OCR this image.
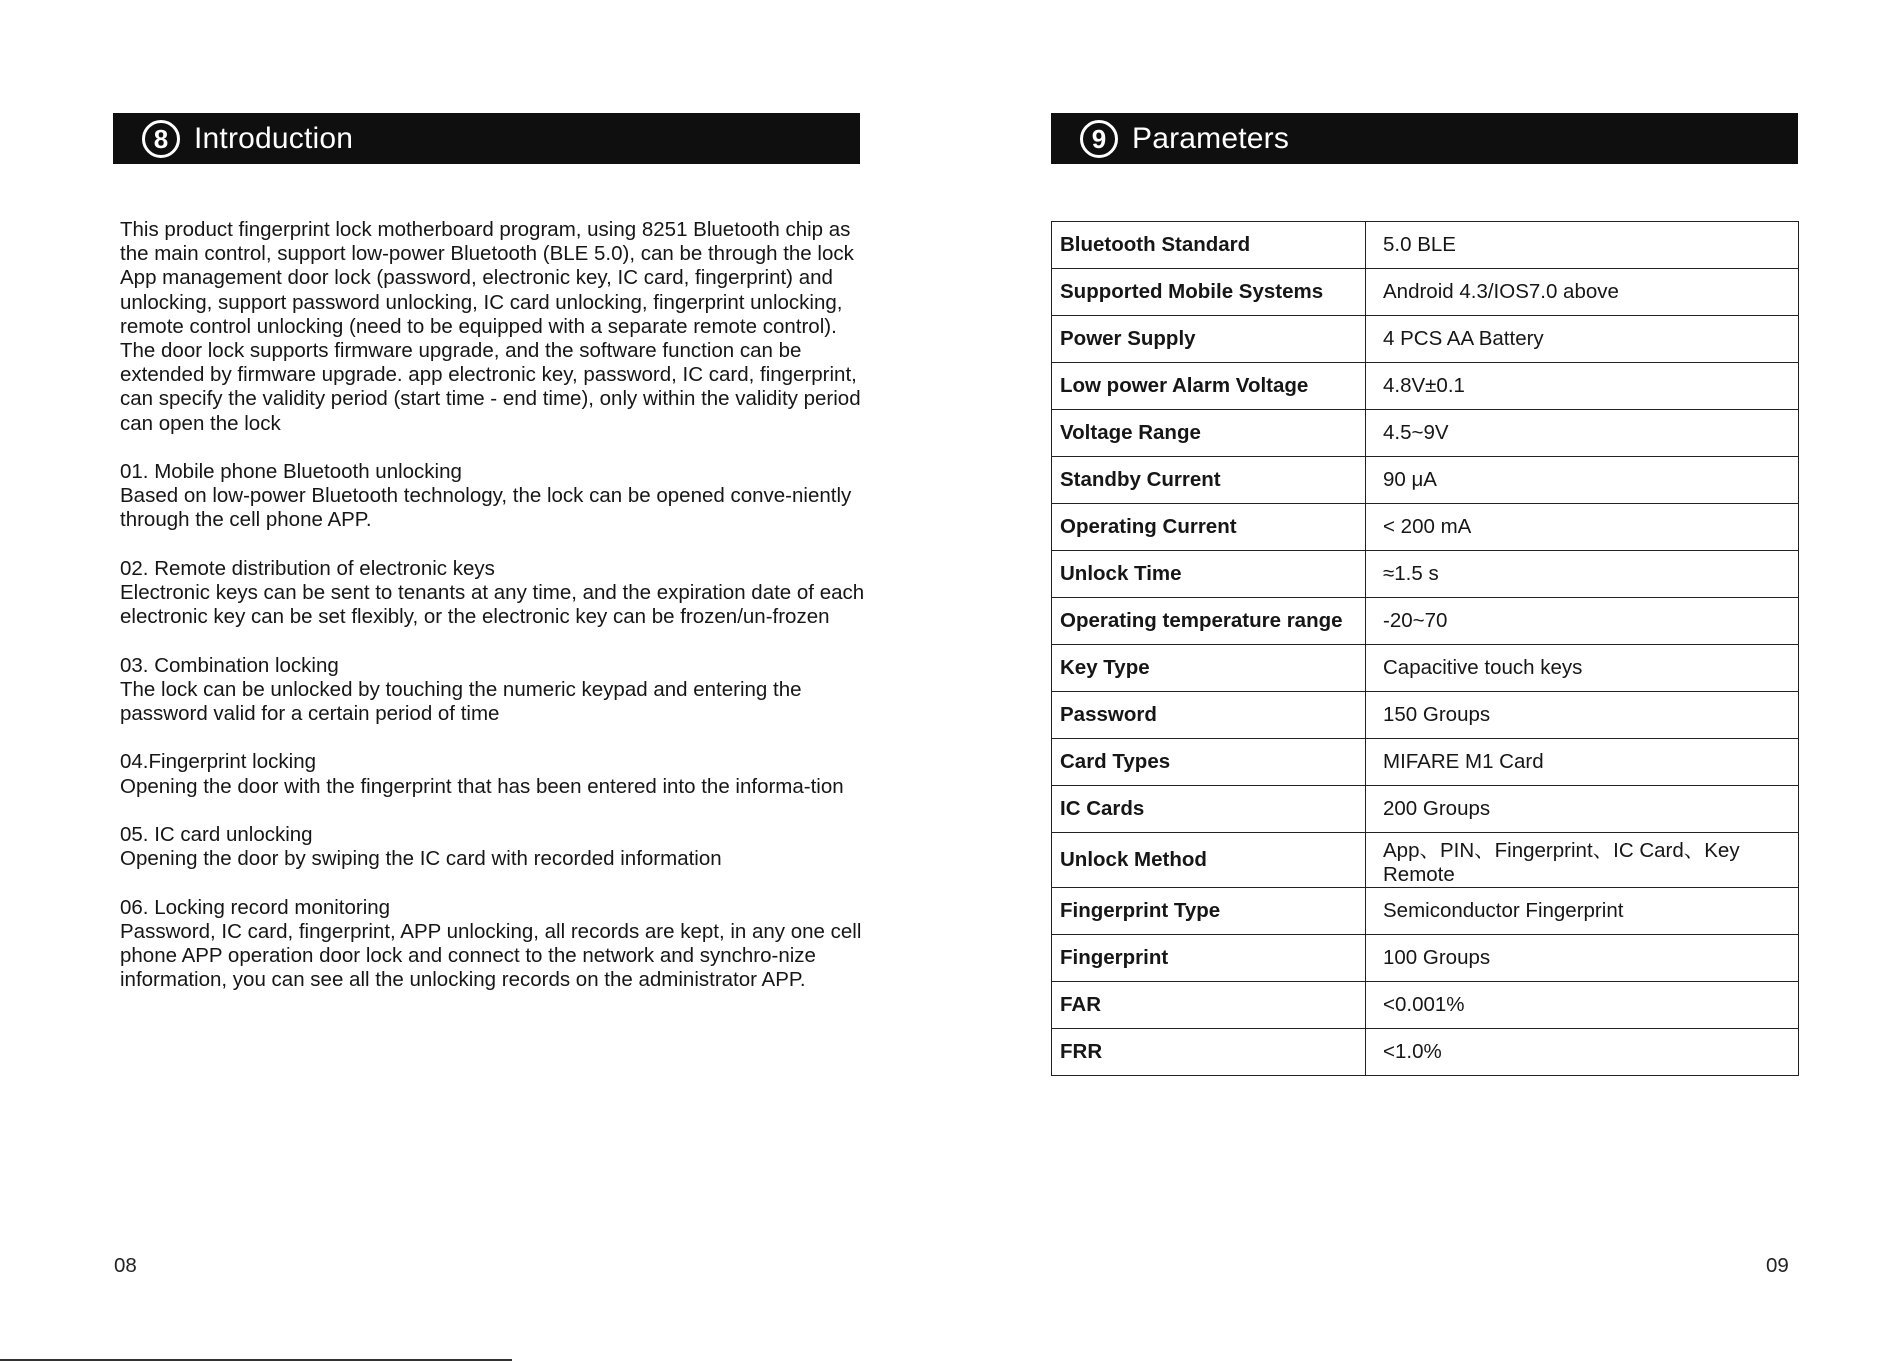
8 Introduction	9 Parameters

This product fingerprint lock motherboard program, using 8251 Bluetooth chip as the main control, support low-power Bluetooth (BLE 5.0), can be through the lock App management door lock (password, electronic key, IC card, fingerprint) and unlocking, support password unlocking, IC card unlocking, fingerprint unlocking, remote control unlocking (need to be equipped with a separate remote control). The door lock supports firmware upgrade, and the software function can be extended by firmware upgrade. app electronic key, password, IC card, fingerprint, can specify the validity period (start time - end time), only within the validity period can open the lock

01. Mobile phone Bluetooth unlocking
Based on low-power Bluetooth technology, the lock can be opened conve-niently through the cell phone APP.
02. Remote distribution of electronic keys
Electronic keys can be sent to tenants at any time, and the expiration date of each electronic key can be set flexibly, or the electronic key can be frozen/un-frozen
03. Combination locking
The lock can be unlocked by touching the numeric keypad and entering the password valid for a certain period of time
04.Fingerprint locking
Opening the door with the fingerprint that has been entered into the informa-tion
05. IC card unlocking
Opening the door by swiping the IC card with recorded information
06. Locking record monitoring
Password, IC card, fingerprint, APP unlocking, all records are kept, in any one cell phone APP operation door lock and connect to the network and synchro-nize information, you can see all the unlocking records on the administrator APP.
Bluetooth Standard	5.0 BLE
Supported Mobile Systems	Android 4.3/IOS7.0 above
Power Supply	4 PCS AA Battery
Low power Alarm Voltage	4.8V±0.1
Voltage Range	4.5~9V
Standby Current	90 μA
Operating Current	< 200 mA
Unlock Time	≈1.5 s
Operating temperature range	-20~70
Key Type	Capacitive touch keys
Password	150 Groups
Card Types	MIFARE M1 Card
IC Cards	200 Groups
Unlock Method	App、PIN、Fingerprint、IC Card、Key Remote
Fingerprint Type	Semiconductor Fingerprint
Fingerprint	100 Groups
FAR	<0.001%
FRR	<1.0%
08	09
